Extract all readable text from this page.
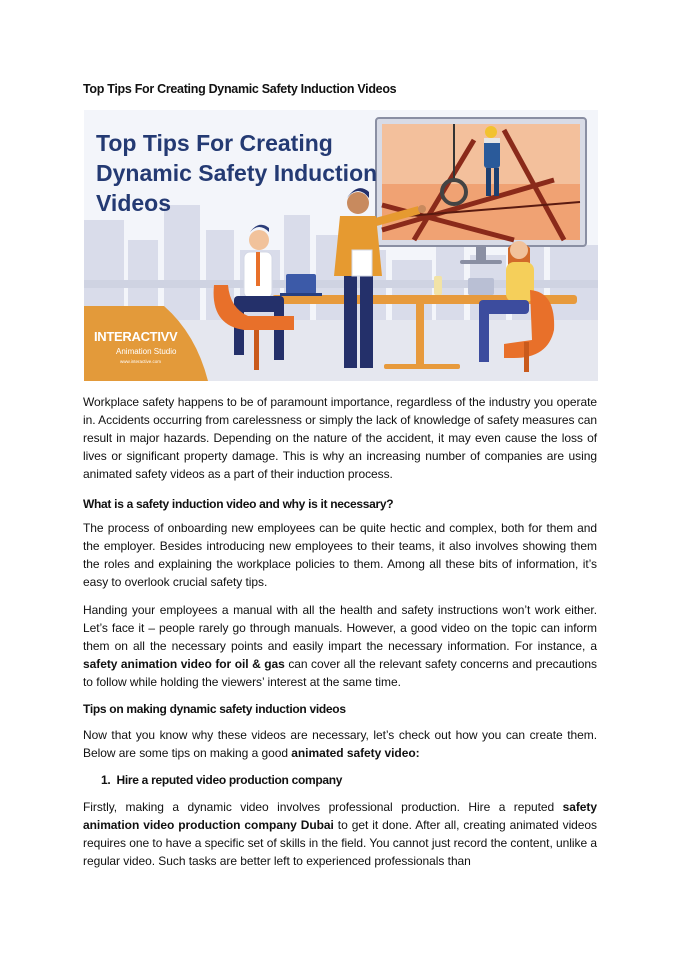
Top Tips For Creating Dynamic Safety Induction Videos
Top Tips For Creating
Dynamic Safety Induction
Videos
INTERACTIVV
Animation Studio
www.interactive.com

Workplace safety happens to be of paramount importance, regardless of the industry you operate in. Accidents occurring from carelessness or simply the lack of knowledge of safety measures can result in major hazards. Depending on the nature of the accident, it may even cause the loss of lives or significant property damage. This is why an increasing number of companies are using animated safety videos as a part of their induction process.

What is a safety induction video and why is it necessary?

The process of onboarding new employees can be quite hectic and complex, both for them and the employer. Besides introducing new employees to their teams, it also involves showing them the roles and explaining the workplace policies to them. Among all these bits of information, it’s easy to overlook crucial safety tips.

Handing your employees a manual with all the health and safety instructions won’t work either. Let’s face it – people rarely go through manuals. However, a good video on the topic can inform them on all the necessary points and easily impart the necessary information. For instance, a safety animation video for oil & gas can cover all the relevant safety concerns and precautions to follow while holding the viewers’ interest at the same time.

Tips on making dynamic safety induction videos

Now that you know why these videos are necessary, let’s check out how you can create them. Below are some tips on making a good animated safety video:

1. Hire a reputed video production company

Firstly, making a dynamic video involves professional production. Hire a reputed safety animation video production company Dubai to get it done. After all, creating animated videos requires one to have a specific set of skills in the field. You cannot just record the content, unlike a regular video. Such tasks are better left to experienced professionals than
